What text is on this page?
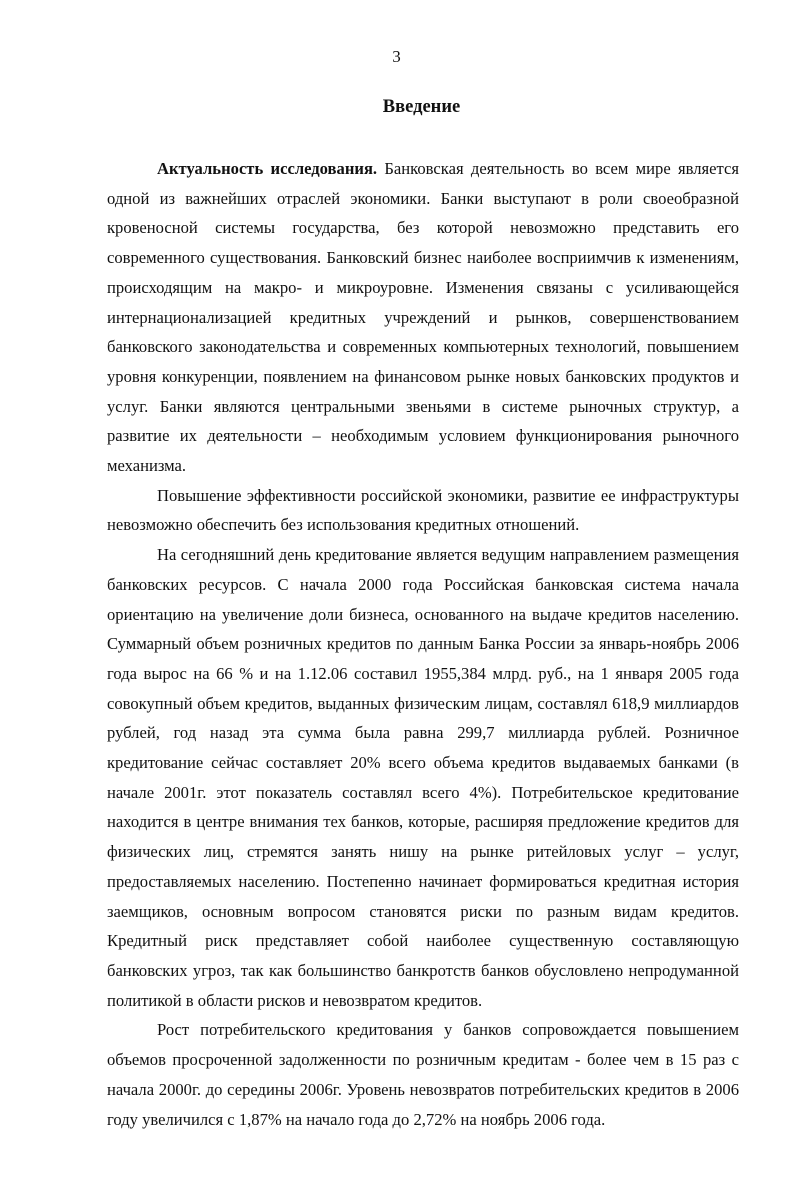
3
Введение

Актуальность исследования. Банковская деятельность во всем мире является одной из важнейших отраслей экономики. Банки выступают в роли своеобразной кровеносной системы государства, без которой невозможно представить его современного существования. Банковский бизнес наиболее восприимчив к изменениям, происходящим на макро- и микроуровне. Изменения связаны с усиливающейся интернационализацией кредитных учреждений и рынков, совершенствованием банковского законодательства и современных компьютерных технологий, повышением уровня конкуренции, появлением на финансовом рынке новых банковских продуктов и услуг. Банки являются центральными звеньями в системе рыночных структур, а развитие их деятельности – необходимым условием функционирования рыночного механизма.

Повышение эффективности российской экономики, развитие ее инфраструктуры невозможно обеспечить без использования кредитных отношений.

На сегодняшний день кредитование является ведущим направлением размещения банковских ресурсов. С начала 2000 года Российская банковская система начала ориентацию на увеличение доли бизнеса, основанного на выдаче кредитов населению. Суммарный объем розничных кредитов по данным Банка России за январь-ноябрь 2006 года вырос на 66 % и на 1.12.06 составил 1955,384 млрд. руб., на 1 января 2005 года совокупный объем кредитов, выданных физическим лицам, составлял 618,9 миллиардов рублей, год назад эта сумма была равна 299,7 миллиарда рублей. Розничное кредитование сейчас составляет 20% всего объема кредитов выдаваемых банками (в начале 2001г. этот показатель составлял всего 4%). Потребительское кредитование находится в центре внимания тех банков, которые, расширяя предложение кредитов для физических лиц, стремятся занять нишу на рынке ритейловых услуг – услуг, предоставляемых населению. Постепенно начинает формироваться кредитная история заемщиков, основным вопросом становятся риски по разным видам кредитов. Кредитный риск представляет собой наиболее существенную составляющую банковских угроз, так как большинство банкротств банков обусловлено непродуманной политикой в области рисков и невозвратом кредитов.

Рост потребительского кредитования у банков сопровождается повышением объемов просроченной задолженности по розничным кредитам - более чем в 15 раз с начала 2000г. до середины 2006г. Уровень невозвратов потребительских кредитов в 2006 году увеличился с 1,87% на начало года до 2,72% на ноябрь 2006 года.
